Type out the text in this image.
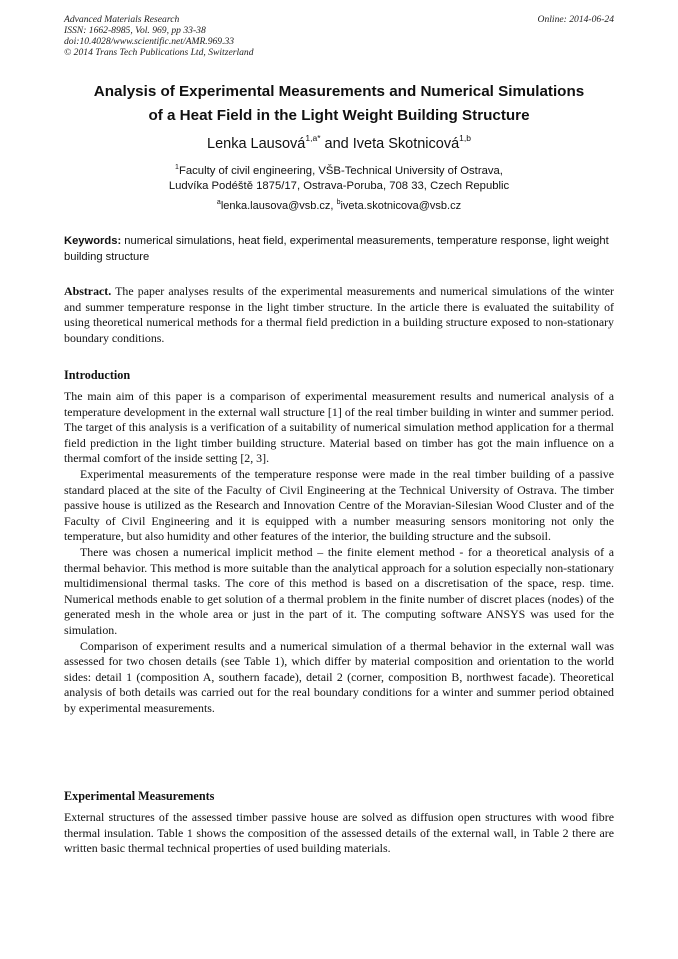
Advanced Materials Research
ISSN: 1662-8985, Vol. 969, pp 33-38
doi:10.4028/www.scientific.net/AMR.969.33
© 2014 Trans Tech Publications Ltd, Switzerland
Online: 2014-06-24
Analysis of Experimental Measurements and Numerical Simulations
of a Heat Field in the Light Weight Building Structure
Lenka Lausová$^{1,a*}$ and Iveta Skotnicová$^{1,b}$
$^1$Faculty of civil engineering, VŠB-Technical University of Ostrava,
Ludvíka Podéště 1875/17, Ostrava-Poruba, 708 33, Czech Republic
$^a$lenka.lausova@vsb.cz, $^b$iveta.skotnicova@vsb.cz
Keywords: numerical simulations, heat field, experimental measurements, temperature response, light weight building structure
Abstract. The paper analyses results of the experimental measurements and numerical simulations of the winter and summer temperature response in the light timber structure. In the article there is evaluated the suitability of using theoretical numerical methods for a thermal field prediction in a building structure exposed to non-stationary boundary conditions.
Introduction

The main aim of this paper is a comparison of experimental measurement results and numerical analysis of a temperature development in the external wall structure [1] of the real timber building in winter and summer period. The target of this analysis is a verification of a suitability of numerical simulation method application for a thermal field prediction in the light timber building structure. Material based on timber has got the main influence on a thermal comfort of the inside setting [2, 3].

Experimental measurements of the temperature response were made in the real timber building of a passive standard placed at the site of the Faculty of Civil Engineering at the Technical University of Ostrava. The timber passive house is utilized as the Research and Innovation Centre of the Moravian-Silesian Wood Cluster and of the Faculty of Civil Engineering and it is equipped with a number measuring sensors monitoring not only the temperature, but also humidity and other features of the interior, the building structure and the subsoil.

There was chosen a numerical implicit method – the finite element method - for a theoretical analysis of a thermal behavior. This method is more suitable than the analytical approach for a solution especially non-stationary multidimensional thermal tasks. The core of this method is based on a discretisation of the space, resp. time. Numerical methods enable to get solution of a thermal problem in the finite number of discret places (nodes) of the generated mesh in the whole area or just in the part of it. The computing software ANSYS was used for the simulation.

Comparison of experiment results and a numerical simulation of a thermal behavior in the external wall was assessed for two chosen details (see Table 1), which differ by material composition and orientation to the world sides: detail 1 (composition A, southern facade), detail 2 (corner, composition B, northwest facade). Theoretical analysis of both details was carried out for the real boundary conditions for a winter and summer period obtained by experimental measurements.

Experimental Measurements

External structures of the assessed timber passive house are solved as diffusion open structures with wood fibre thermal insulation. Table 1 shows the composition of the assessed details of the external wall, in Table 2 there are written basic thermal technical properties of used building materials.
